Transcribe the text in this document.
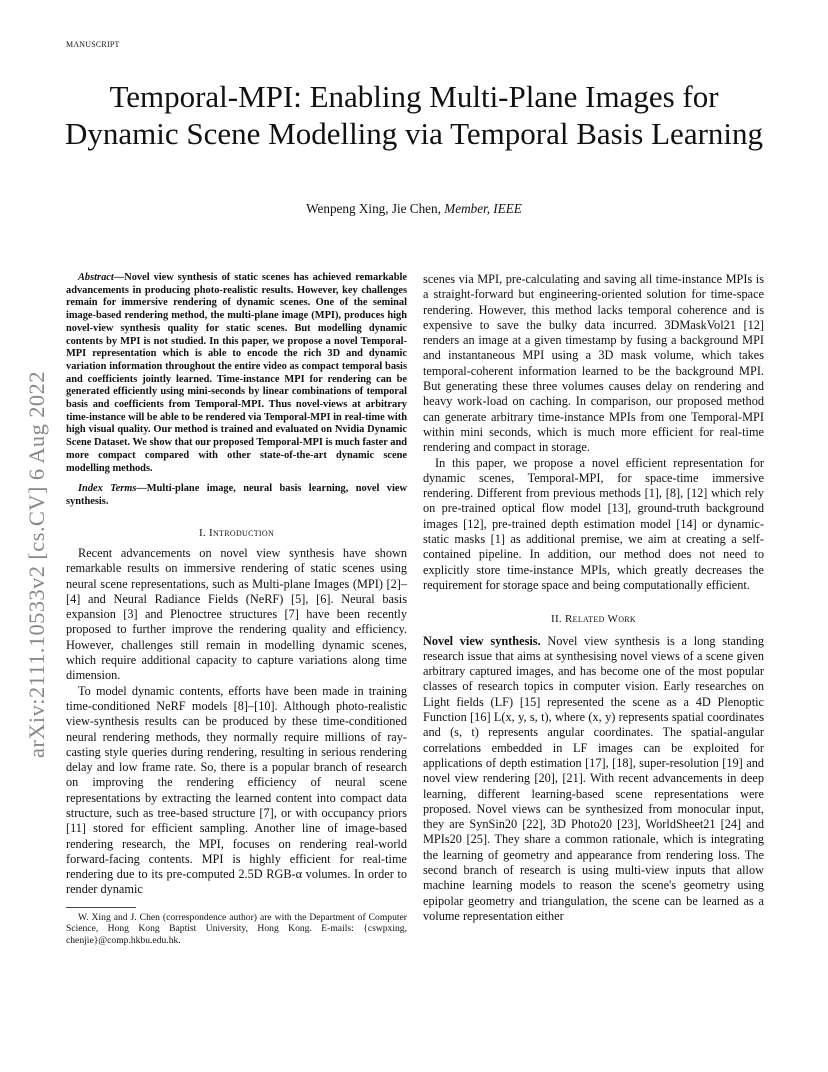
MANUSCRIPT
Temporal-MPI: Enabling Multi-Plane Images for Dynamic Scene Modelling via Temporal Basis Learning
Wenpeng Xing, Jie Chen, Member, IEEE
arXiv:2111.10533v2 [cs.CV] 6 Aug 2022

Abstract—Novel view synthesis of static scenes has achieved remarkable advancements in producing photo-realistic results. However, key challenges remain for immersive rendering of dynamic scenes. One of the seminal image-based rendering method, the multi-plane image (MPI), produces high novel-view synthesis quality for static scenes. But modelling dynamic contents by MPI is not studied. In this paper, we propose a novel Temporal-MPI representation which is able to encode the rich 3D and dynamic variation information throughout the entire video as compact temporal basis and coefficients jointly learned. Time-instance MPI for rendering can be generated efficiently using mini-seconds by linear combinations of temporal basis and coefficients from Temporal-MPI. Thus novel-views at arbitrary time-instance will be able to be rendered via Temporal-MPI in real-time with high visual quality. Our method is trained and evaluated on Nvidia Dynamic Scene Dataset. We show that our proposed Temporal-MPI is much faster and more compact compared with other state-of-the-art dynamic scene modelling methods.

Index Terms—Multi-plane image, neural basis learning, novel view synthesis.

I. Introduction

Recent advancements on novel view synthesis have shown remarkable results on immersive rendering of static scenes using neural scene representations, such as Multi-plane Images (MPI) [2]–[4] and Neural Radiance Fields (NeRF) [5], [6]. Neural basis expansion [3] and Plenoctree structures [7] have been recently proposed to further improve the rendering quality and efficiency. However, challenges still remain in modelling dynamic scenes, which require additional capacity to capture variations along time dimension.

To model dynamic contents, efforts have been made in training time-conditioned NeRF models [8]–[10]. Although photo-realistic view-synthesis results can be produced by these time-conditioned neural rendering methods, they normally require millions of ray-casting style queries during rendering, resulting in serious rendering delay and low frame rate. So, there is a popular branch of research on improving the rendering efficiency of neural scene representations by extracting the learned content into compact data structure, such as tree-based structure [7], or with occupancy priors [11] stored for efficient sampling. Another line of image-based rendering research, the MPI, focuses on rendering real-world forward-facing contents. MPI is highly efficient for real-time rendering due to its pre-computed 2.5D RGB-α volumes. In order to render dynamic

W. Xing and J. Chen (correspondence author) are with the Department of Computer Science, Hong Kong Baptist University, Hong Kong. E-mails: {cswpxing, chenjie}@comp.hkbu.edu.hk.

scenes via MPI, pre-calculating and saving all time-instance MPIs is a straight-forward but engineering-oriented solution for time-space rendering. However, this method lacks temporal coherence and is expensive to save the bulky data incurred. 3DMaskVol21 [12] renders an image at a given timestamp by fusing a background MPI and instantaneous MPI using a 3D mask volume, which takes temporal-coherent information learned to be the background MPI. But generating these three volumes causes delay on rendering and heavy work-load on caching. In comparison, our proposed method can generate arbitrary time-instance MPIs from one Temporal-MPI within mini seconds, which is much more efficient for real-time rendering and compact in storage.

In this paper, we propose a novel efficient representation for dynamic scenes, Temporal-MPI, for space-time immersive rendering. Different from previous methods [1], [8], [12] which rely on pre-trained optical flow model [13], ground-truth background images [12], pre-trained depth estimation model [14] or dynamic-static masks [1] as additional premise, we aim at creating a self-contained pipeline. In addition, our method does not need to explicitly store time-instance MPIs, which greatly decreases the requirement for storage space and being computationally efficient.

II. Related Work

Novel view synthesis. Novel view synthesis is a long standing research issue that aims at synthesising novel views of a scene given arbitrary captured images, and has become one of the most popular classes of research topics in computer vision. Early researches on Light fields (LF) [15] represented the scene as a 4D Plenoptic Function [16] L(x, y, s, t), where (x, y) represents spatial coordinates and (s, t) represents angular coordinates. The spatial-angular correlations embedded in LF images can be exploited for applications of depth estimation [17], [18], super-resolution [19] and novel view rendering [20], [21]. With recent advancements in deep learning, different learning-based scene representations were proposed. Novel views can be synthesized from monocular input, they are SynSin20 [22], 3D Photo20 [23], WorldSheet21 [24] and MPIs20 [25]. They share a common rationale, which is integrating the learning of geometry and appearance from rendering loss. The second branch of research is using multi-view inputs that allow machine learning models to reason the scene's geometry using epipolar geometry and triangulation, the scene can be learned as a volume representation either
